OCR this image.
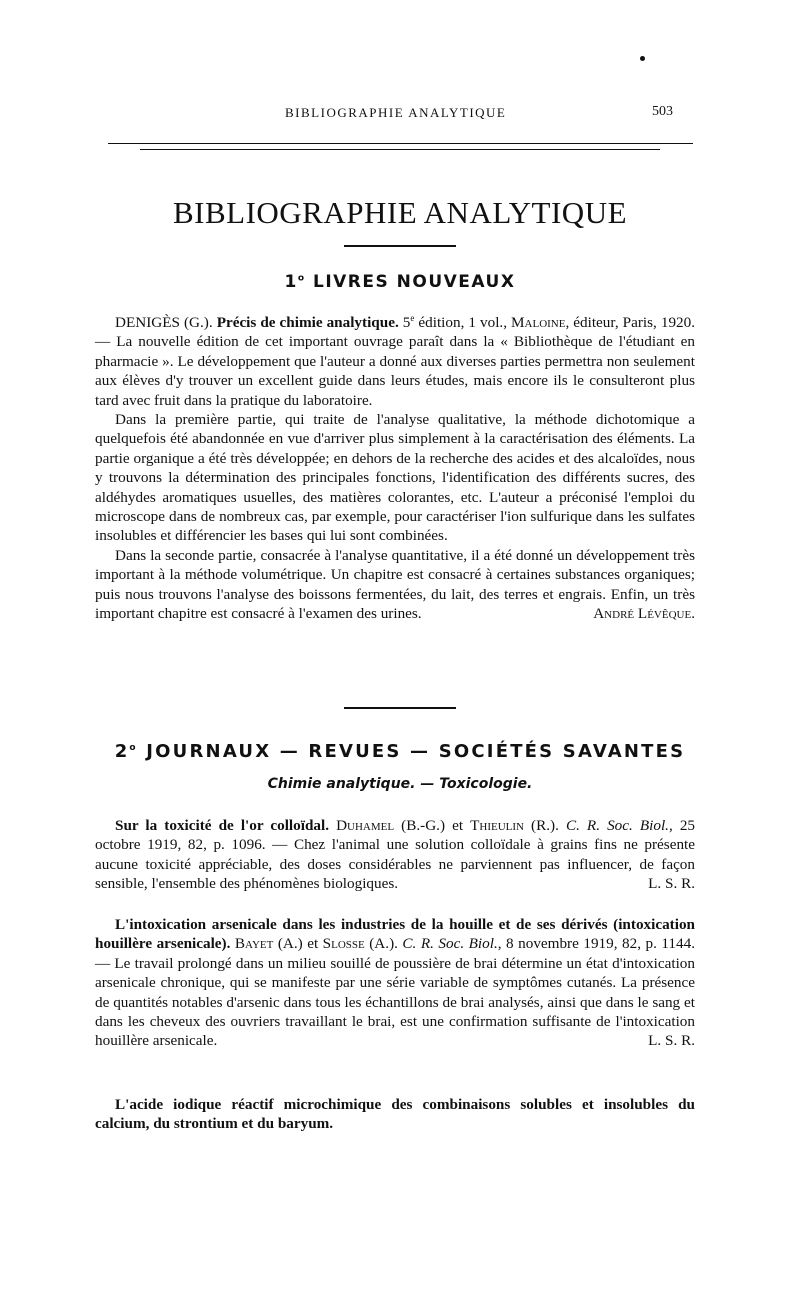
BIBLIOGRAPHIE ANALYTIQUE	503
BIBLIOGRAPHIE ANALYTIQUE
1$^o$ LIVRES NOUVEAUX

DENIGÈS (G.). Précis de chimie analytique. 5e édition, 1 vol., Maloine, éditeur, Paris, 1920. — La nouvelle édition de cet important ouvrage paraît dans la « Bibliothèque de l'étudiant en pharmacie ». Le développement que l'auteur a donné aux diverses parties permettra non seulement aux élèves d'y trouver un excellent guide dans leurs études, mais encore ils le consulteront plus tard avec fruit dans la pratique du laboratoire.

Dans la première partie, qui traite de l'analyse qualitative, la méthode dichotomique a quelquefois été abandonnée en vue d'arriver plus simplement à la caractérisation des éléments. La partie organique a été très développée; en dehors de la recherche des acides et des alcaloïdes, nous y trouvons la détermination des principales fonctions, l'identification des différents sucres, des aldéhydes aromatiques usuelles, des matières colorantes, etc. L'auteur a préconisé l'emploi du microscope dans de nombreux cas, par exemple, pour caractériser l'ion sulfurique dans les sulfates insolubles et différencier les bases qui lui sont combinées.

Dans la seconde partie, consacrée à l'analyse quantitative, il a été donné un développement très important à la méthode volumétrique. Un chapitre est consacré à certaines substances organiques; puis nous trouvons l'analyse des boissons fermentées, du lait, des terres et engrais. Enfin, un très important chapitre est consacré à l'examen des urines.	André Lévêque.

2$^o$ JOURNAUX — REVUES — SOCIÉTÉS SAVANTES
Chimie analytique. — Toxicologie.

Sur la toxicité de l'or colloïdal. Duhamel (B.-G.) et Thieulin (R.). C. R. Soc. Biol., 25 octobre 1919, 82, p. 1096. — Chez l'animal une solution colloïdale à grains fins ne présente aucune toxicité appréciable, des doses considérables ne parviennent pas influencer, de façon sensible, l'ensemble des phénomènes biologiques.	L. S. R.

L'intoxication arsenicale dans les industries de la houille et de ses dérivés (intoxication houillère arsenicale). Bayet (A.) et Slosse (A.). C. R. Soc. Biol., 8 novembre 1919, 82, p. 1144. — Le travail prolongé dans un milieu souillé de poussière de brai détermine un état d'intoxication arsenicale chronique, qui se manifeste par une série variable de symptômes cutanés. La présence de quantités notables d'arsenic dans tous les échantillons de brai analysés, ainsi que dans le sang et dans les cheveux des ouvriers travaillant le brai, est une confirmation suffisante de l'intoxication houillère arsenicale.	L. S. R.

L'acide iodique réactif microchimique des combinaisons solubles et insolubles du calcium, du strontium et du baryum.
